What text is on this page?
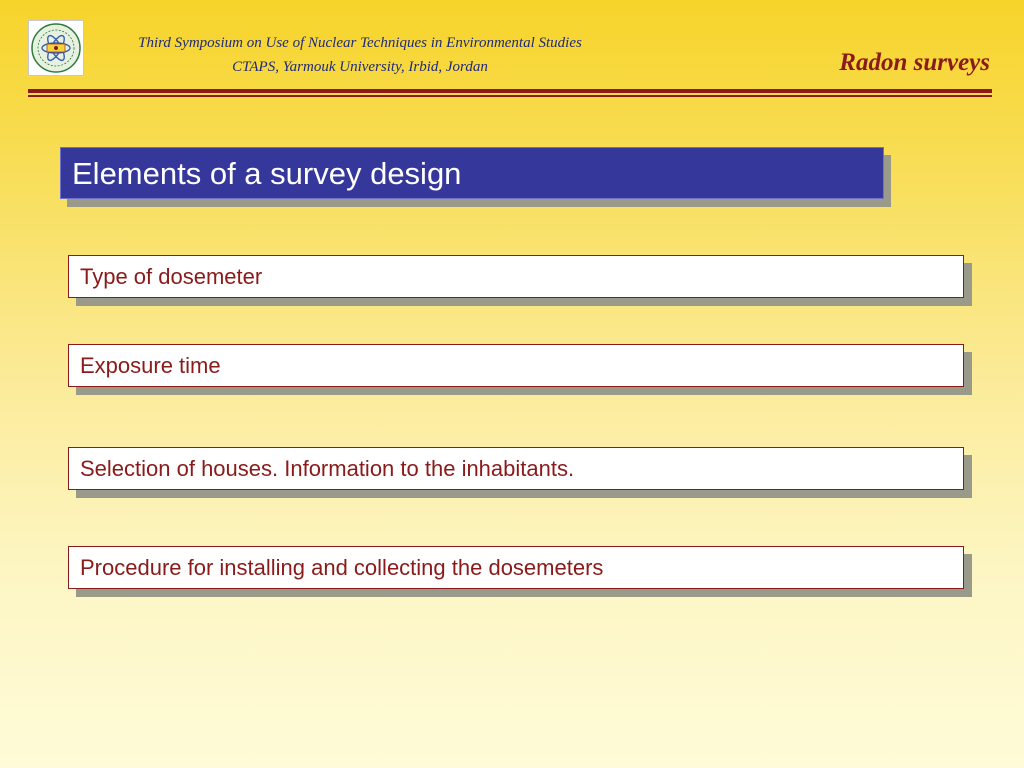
Third Symposium on Use of Nuclear Techniques in Environmental Studies
CTAPS, Yarmouk University, Irbid, Jordan	Radon surveys
Elements of a survey design
Type of dosemeter
Exposure time
Selection of houses. Information to the inhabitants.
Procedure for installing and collecting the dosemeters
